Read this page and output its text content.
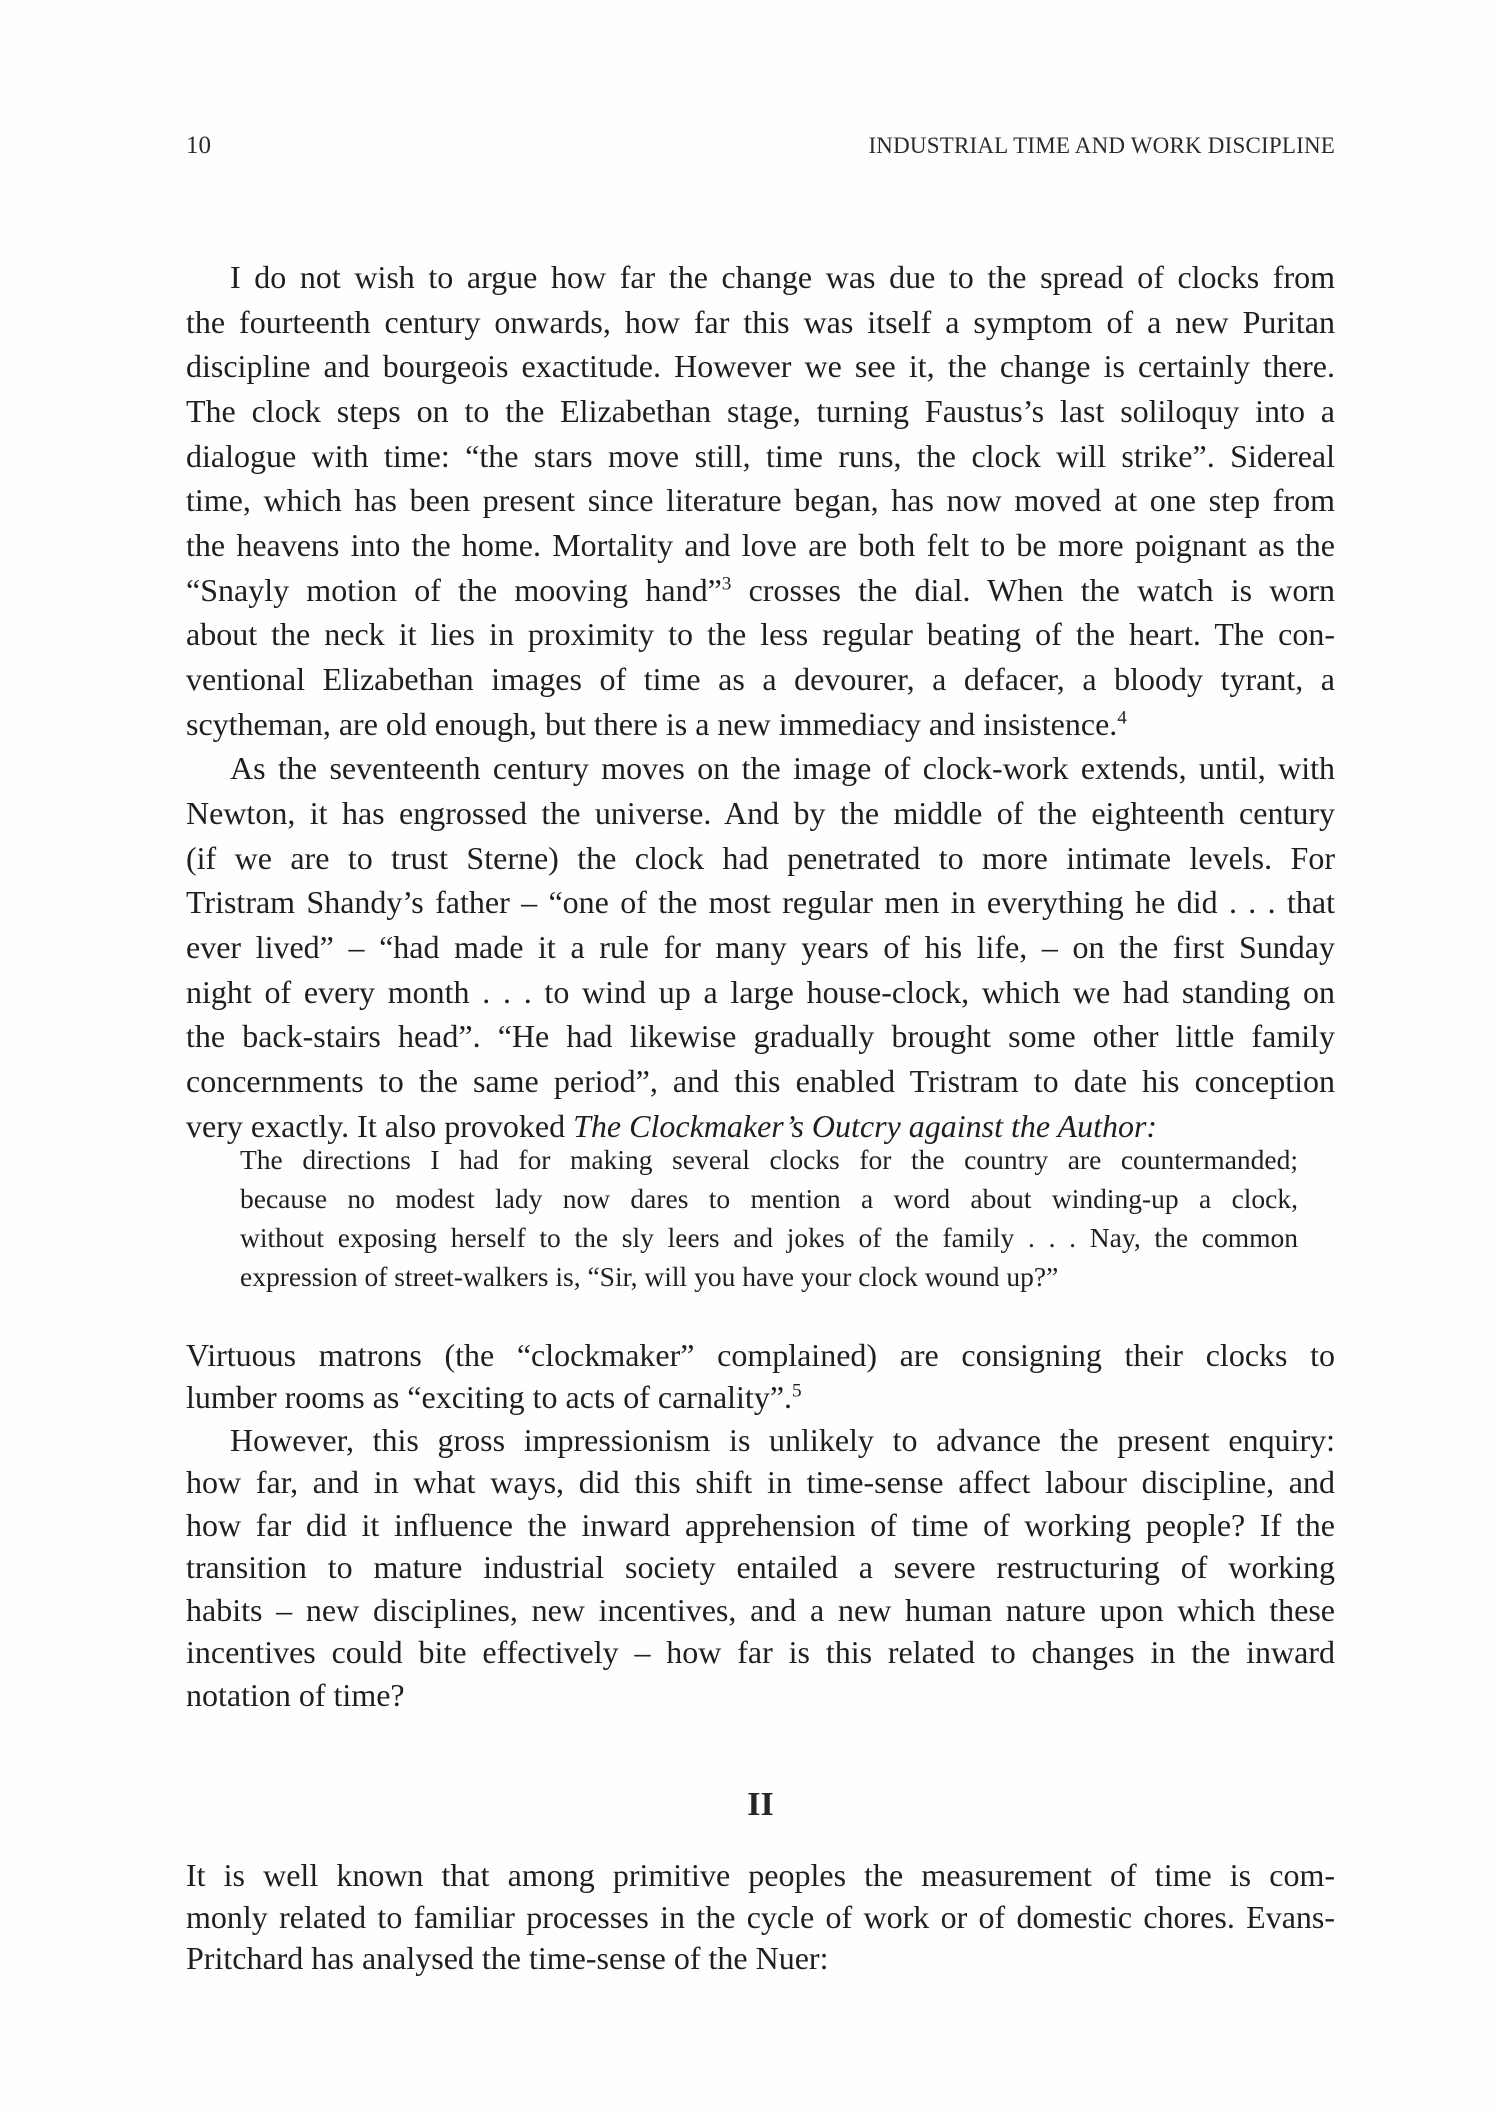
10	INDUSTRIAL TIME AND WORK DISCIPLINE
I do not wish to argue how far the change was due to the spread of clocks from
the fourteenth century onwards, how far this was itself a symptom of a new Puritan
discipline and bourgeois exactitude. However we see it, the change is certainly there.
The clock steps on to the Elizabethan stage, turning Faustus’s last soliloquy into a
dialogue with time: “the stars move still, time runs, the clock will strike”. Sidereal
time, which has been present since literature began, has now moved at one step from
the heavens into the home. Mortality and love are both felt to be more poignant as the
“Snayly motion of the mooving hand”$^3$ crosses the dial. When the watch is worn
about the neck it lies in proximity to the less regular beating of the heart. The con-
ventional Elizabethan images of time as a devourer, a defacer, a bloody tyrant, a
scytheman, are old enough, but there is a new immediacy and insistence.$^4$
As the seventeenth century moves on the image of clock-work extends, until, with
Newton, it has engrossed the universe. And by the middle of the eighteenth century
(if we are to trust Sterne) the clock had penetrated to more intimate levels. For
Tristram Shandy’s father – “one of the most regular men in everything he did . . . that
ever lived” – “had made it a rule for many years of his life, – on the first Sunday
night of every month . . . to wind up a large house-clock, which we had standing on
the back-stairs head”. “He had likewise gradually brought some other little family
concernments to the same period”, and this enabled Tristram to date his conception
very exactly. It also provoked The Clockmaker’s Outcry against the Author:
The directions I had for making several clocks for the country are countermanded;
because no modest lady now dares to mention a word about winding-up a clock,
without exposing herself to the sly leers and jokes of the family . . . Nay, the common
expression of street-walkers is, “Sir, will you have your clock wound up?”
Virtuous matrons (the “clockmaker” complained) are consigning their clocks to
lumber rooms as “exciting to acts of carnality”.$^5$
However, this gross impressionism is unlikely to advance the present enquiry:
how far, and in what ways, did this shift in time-sense affect labour discipline, and
how far did it influence the inward apprehension of time of working people? If the
transition to mature industrial society entailed a severe restructuring of working
habits – new disciplines, new incentives, and a new human nature upon which these
incentives could bite effectively – how far is this related to changes in the inward
notation of time?
II
It is well known that among primitive peoples the measurement of time is com-
monly related to familiar processes in the cycle of work or of domestic chores. Evans-
Pritchard has analysed the time-sense of the Nuer:
